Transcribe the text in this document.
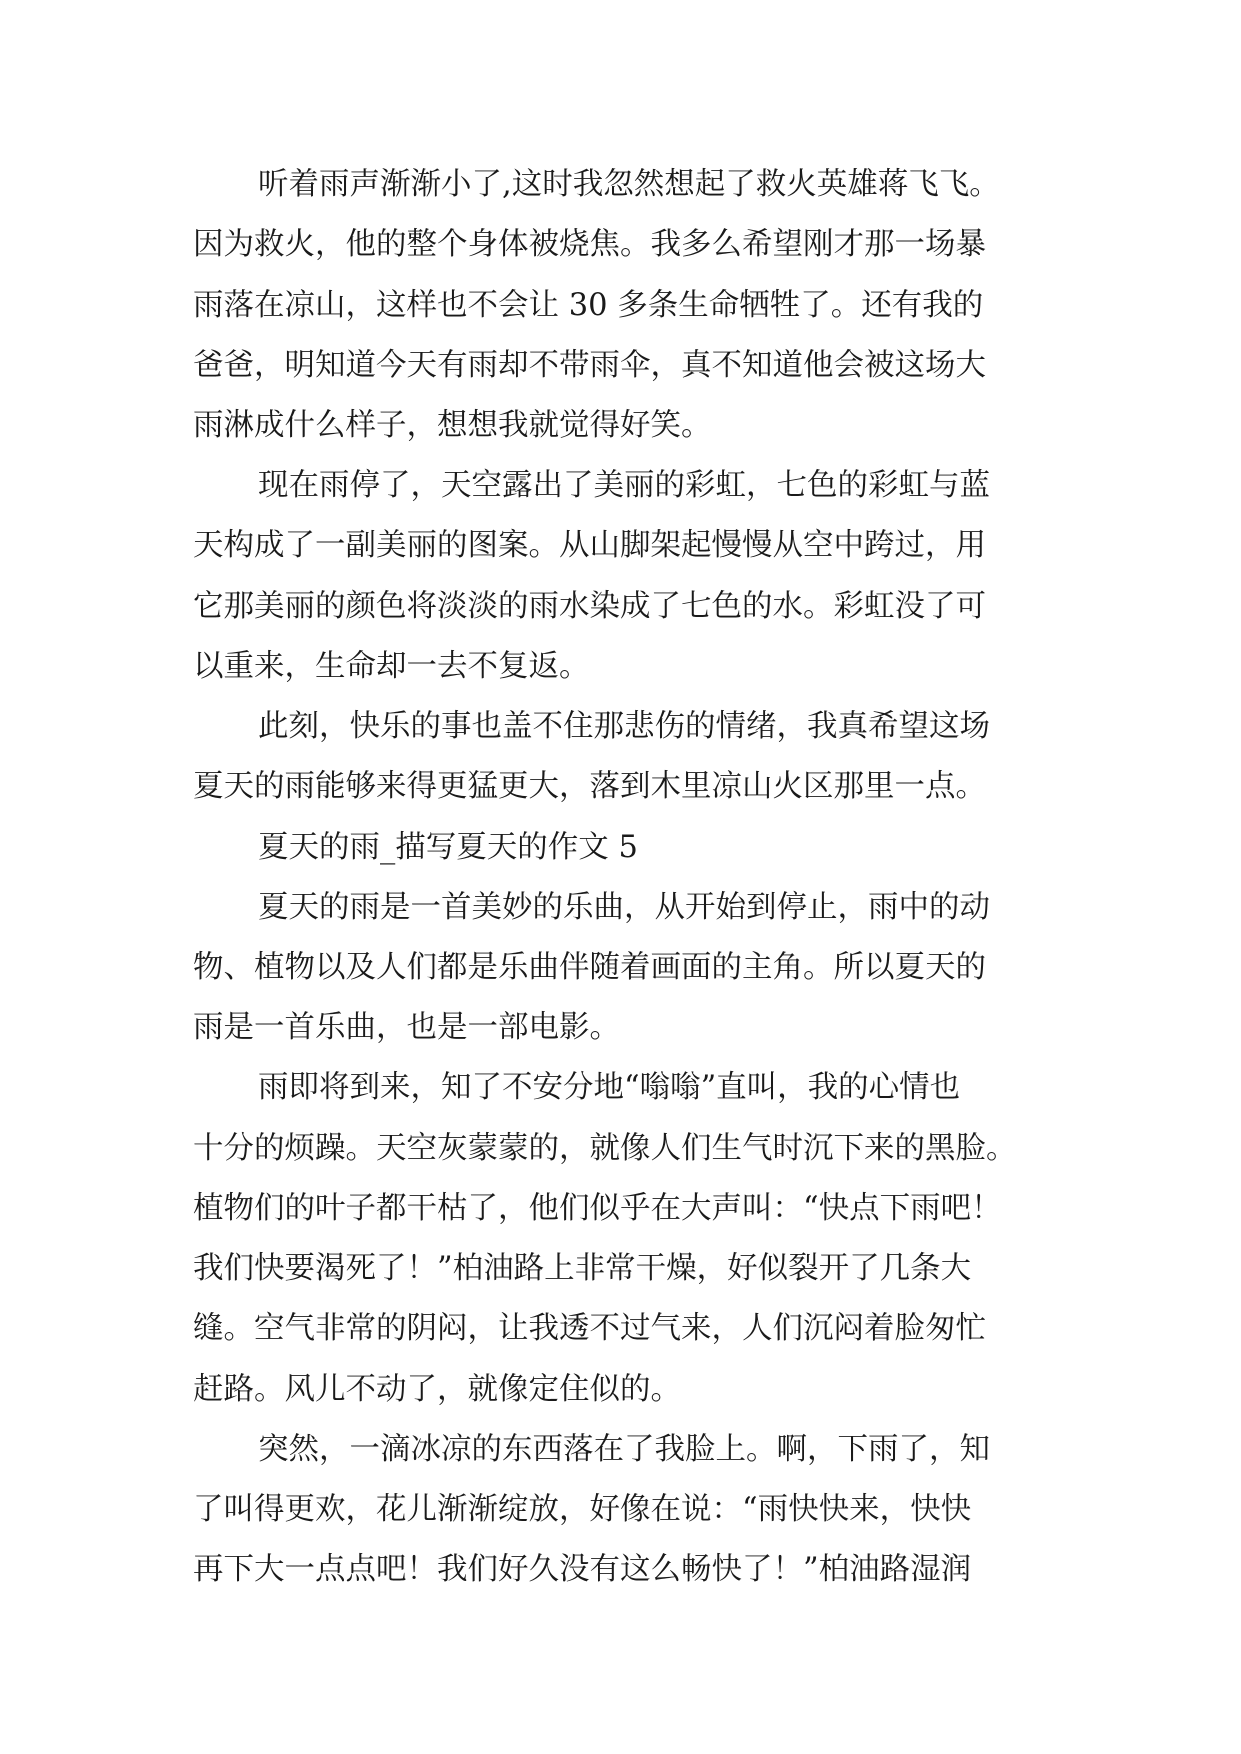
听着雨声渐渐小了,这时我忽然想起了救火英雄蒋飞飞。
因为救火，他的整个身体被烧焦。我多么希望刚才那一场暴
雨落在凉山，这样也不会让 30 多条生命牺牲了。还有我的
爸爸，明知道今天有雨却不带雨伞，真不知道他会被这场大
雨淋成什么样子，想想我就觉得好笑。
现在雨停了，天空露出了美丽的彩虹，七色的彩虹与蓝
天构成了一副美丽的图案。从山脚架起慢慢从空中跨过，用
它那美丽的颜色将淡淡的雨水染成了七色的水。彩虹没了可
以重来，生命却一去不复返。
此刻，快乐的事也盖不住那悲伤的情绪，我真希望这场
夏天的雨能够来得更猛更大，落到木里凉山火区那里一点。
夏天的雨_描写夏天的作文 5
夏天的雨是一首美妙的乐曲，从开始到停止，雨中的动
物、植物以及人们都是乐曲伴随着画面的主角。所以夏天的
雨是一首乐曲，也是一部电影。
雨即将到来，知了不安分地“嗡嗡”直叫，我的心情也
十分的烦躁。天空灰蒙蒙的，就像人们生气时沉下来的黑脸。
植物们的叶子都干枯了，他们似乎在大声叫：“快点下雨吧！
我们快要渴死了！”柏油路上非常干燥，好似裂开了几条大
缝。空气非常的阴闷，让我透不过气来，人们沉闷着脸匆忙
赶路。风儿不动了，就像定住似的。
突然，一滴冰凉的东西落在了我脸上。啊，下雨了，知
了叫得更欢，花儿渐渐绽放，好像在说：“雨快快来，快快
再下大一点点吧！我们好久没有这么畅快了！”柏油路湿润
